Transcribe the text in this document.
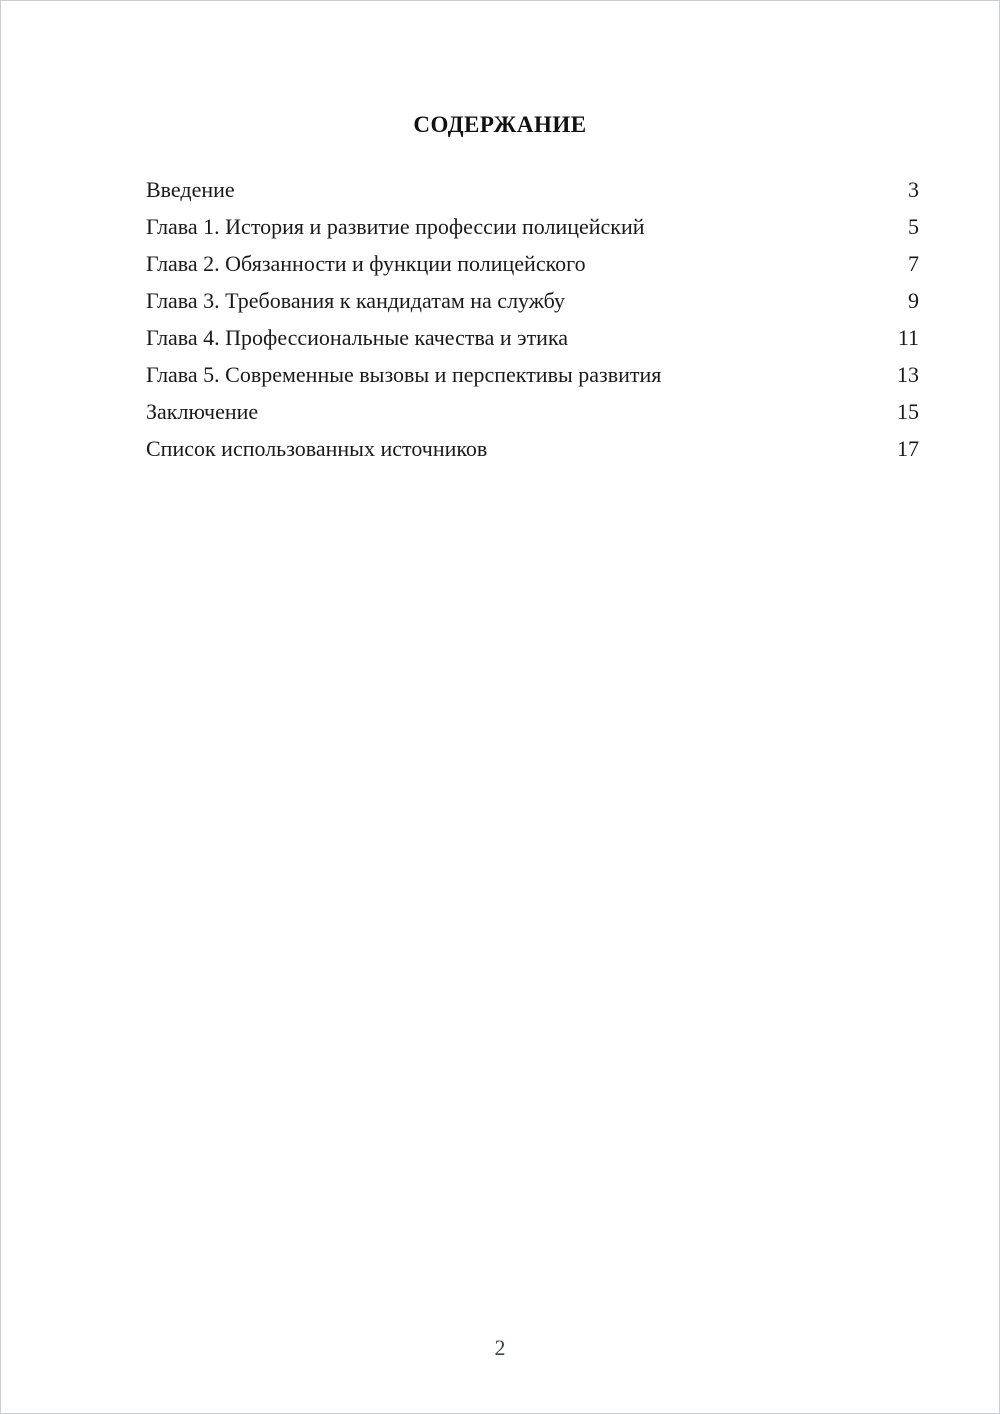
СОДЕРЖАНИЕ
Введение	3
Глава 1. История и развитие профессии полицейский	5
Глава 2. Обязанности и функции полицейского	7
Глава 3. Требования к кандидатам на службу	9
Глава 4. Профессиональные качества и этика	11
Глава 5. Современные вызовы и перспективы развития	13
Заключение	15
Список использованных источников	17
2
